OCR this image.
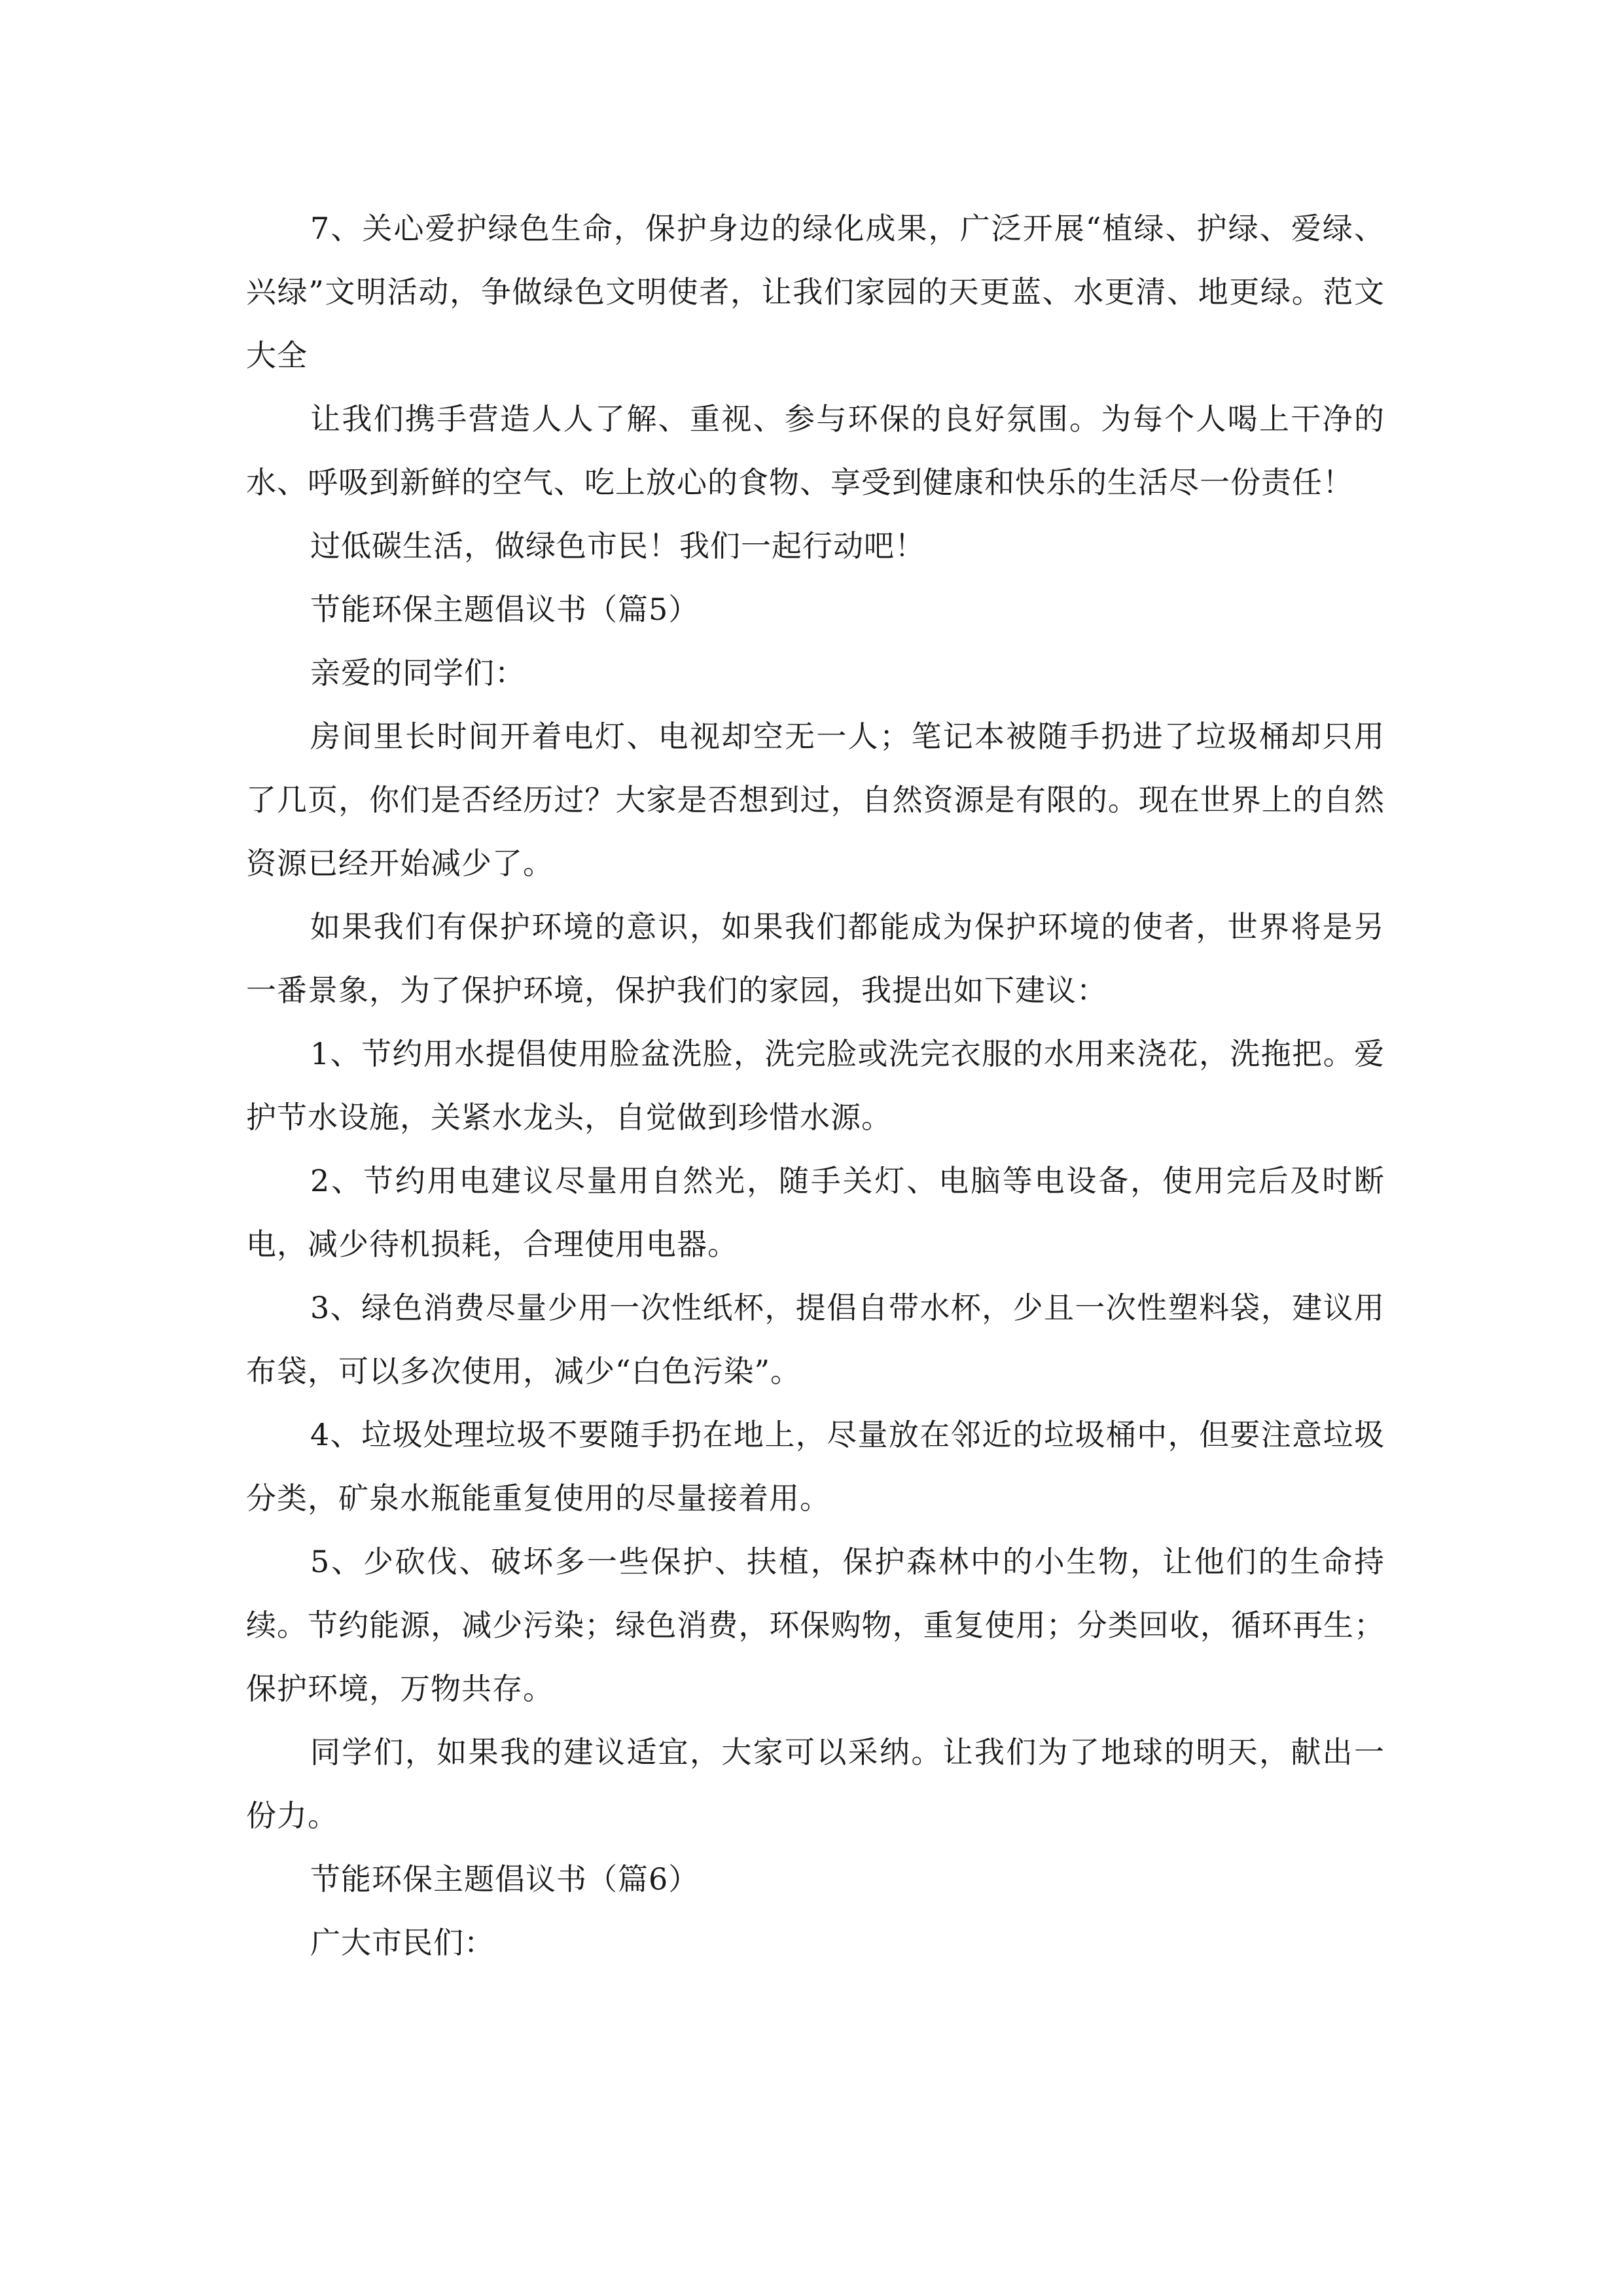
7、关心爱护绿色生命，保护身边的绿化成果，广泛开展“植绿、护绿、爱绿、兴绿”文明活动，争做绿色文明使者，让我们家园的天更蓝、水更清、地更绿。范文大全

让我们携手营造人人了解、重视、参与环保的良好氛围。为每个人喝上干净的水、呼吸到新鲜的空气、吃上放心的食物、享受到健康和快乐的生活尽一份责任！

过低碳生活，做绿色市民！我们一起行动吧！

节能环保主题倡议书（篇5）

亲爱的同学们：

房间里长时间开着电灯、电视却空无一人；笔记本被随手扔进了垃圾桶却只用了几页，你们是否经历过？大家是否想到过，自然资源是有限的。现在世界上的自然资源已经开始减少了。

如果我们有保护环境的意识，如果我们都能成为保护环境的使者，世界将是另一番景象，为了保护环境，保护我们的家园，我提出如下建议：

1、节约用水提倡使用脸盆洗脸，洗完脸或洗完衣服的水用来浇花，洗拖把。爱护节水设施，关紧水龙头，自觉做到珍惜水源。

2、节约用电建议尽量用自然光，随手关灯、电脑等电设备，使用完后及时断电，减少待机损耗，合理使用电器。

3、绿色消费尽量少用一次性纸杯，提倡自带水杯，少且一次性塑料袋，建议用布袋，可以多次使用，减少“白色污染”。

4、垃圾处理垃圾不要随手扔在地上，尽量放在邻近的垃圾桶中，但要注意垃圾分类，矿泉水瓶能重复使用的尽量接着用。

5、少砍伐、破坏多一些保护、扶植，保护森林中的小生物，让他们的生命持续。节约能源，减少污染；绿色消费，环保购物，重复使用；分类回收，循环再生；保护环境，万物共存。

同学们，如果我的建议适宜，大家可以采纳。让我们为了地球的明天，献出一份力。

节能环保主题倡议书（篇6）

广大市民们：
